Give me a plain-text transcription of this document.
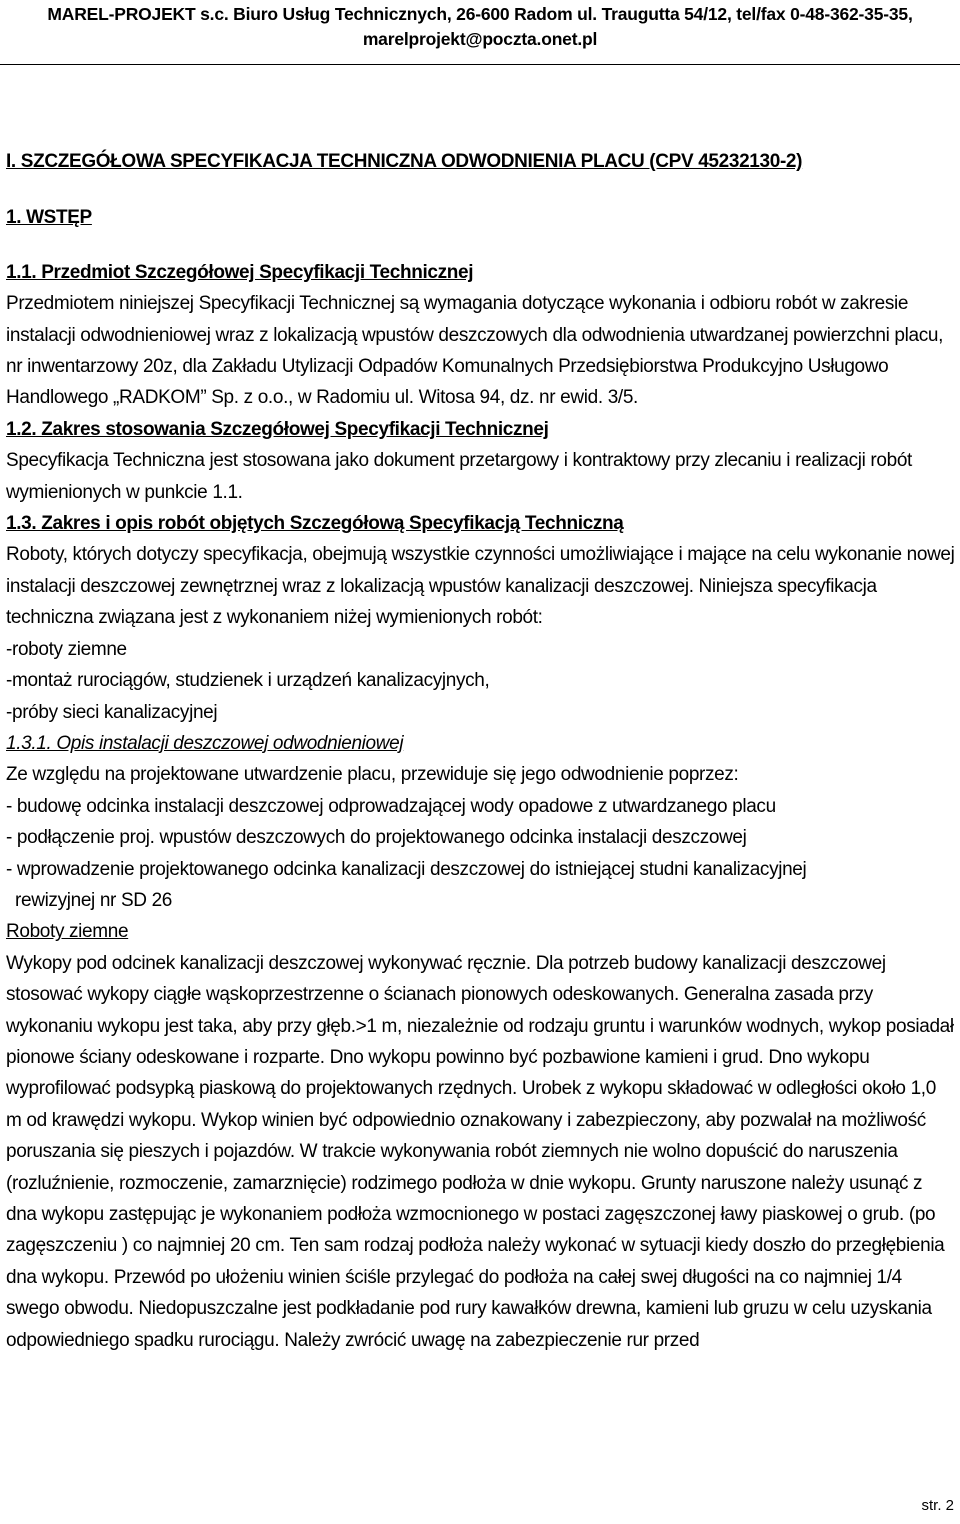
MAREL-PROJEKT s.c. Biuro Usług Technicznych, 26-600 Radom ul. Traugutta 54/12, tel/fax 0-48-362-35-35,
marelprojekt@poczta.onet.pl

I. SZCZEGÓŁOWA SPECYFIKACJA TECHNICZNA ODWODNIENIA PLACU (CPV 45232130-2)

1. WSTĘP

1.1. Przedmiot Szczegółowej Specyfikacji Technicznej

Przedmiotem niniejszej Specyfikacji Technicznej są wymagania dotyczące wykonania i odbioru robót w zakresie instalacji odwodnieniowej wraz z lokalizacją wpustów deszczowych dla odwodnienia utwardzanej powierzchni placu, nr inwentarzowy 20z, dla Zakładu Utylizacji Odpadów Komunalnych Przedsiębiorstwa Produkcyjno Usługowo Handlowego „RADKOM” Sp. z o.o., w Radomiu ul. Witosa 94, dz. nr ewid. 3/5.

1.2. Zakres stosowania Szczegółowej Specyfikacji Technicznej

Specyfikacja Techniczna jest stosowana jako dokument przetargowy i kontraktowy przy zlecaniu i realizacji robót wymienionych w punkcie 1.1.

1.3. Zakres i opis robót objętych Szczegółową Specyfikacją Techniczną

Roboty, których dotyczy specyfikacja, obejmują wszystkie czynności umożliwiające i mające na celu wykonanie nowej instalacji deszczowej zewnętrznej wraz z lokalizacją wpustów kanalizacji deszczowej. Niniejsza specyfikacja techniczna związana jest z wykonaniem niżej wymienionych robót:

-roboty ziemne

-montaż rurociągów, studzienek i urządzeń kanalizacyjnych,

-próby sieci kanalizacyjnej

1.3.1. Opis instalacji deszczowej odwodnieniowej

Ze względu na projektowane utwardzenie placu, przewiduje się jego odwodnienie poprzez:

- budowę odcinka instalacji deszczowej odprowadzającej wody opadowe z utwardzanego placu

- podłączenie proj. wpustów deszczowych do projektowanego odcinka instalacji deszczowej

- wprowadzenie projektowanego odcinka kanalizacji deszczowej do istniejącej studni kanalizacyjnej

rewizyjnej nr SD 26

Roboty ziemne

Wykopy pod odcinek kanalizacji deszczowej wykonywać ręcznie. Dla potrzeb budowy kanalizacji deszczowej stosować wykopy ciągłe wąskoprzestrzenne o ścianach pionowych odeskowanych. Generalna zasada przy wykonaniu wykopu jest taka, aby przy głęb.>1 m, niezależnie od rodzaju gruntu i warunków wodnych, wykop posiadał pionowe ściany odeskowane i rozparte. Dno wykopu powinno być pozbawione kamieni i grud. Dno wykopu wyprofilować podsypką piaskową do projektowanych rzędnych. Urobek z wykopu składować w odległości około 1,0 m od krawędzi wykopu. Wykop winien być odpowiednio oznakowany i zabezpieczony, aby pozwalał na możliwość poruszania się pieszych i pojazdów. W trakcie wykonywania robót ziemnych nie wolno dopuścić do naruszenia (rozluźnienie, rozmoczenie, zamarznięcie) rodzimego podłoża w dnie wykopu. Grunty naruszone należy usunąć z dna wykopu zastępując je wykonaniem podłoża wzmocnionego w postaci zagęszczonej ławy piaskowej o grub. (po zagęszczeniu ) co najmniej 20 cm. Ten sam rodzaj podłoża należy wykonać w sytuacji kiedy doszło do przegłębienia dna wykopu. Przewód po ułożeniu winien ściśle przylegać do podłoża na całej swej długości na co najmniej 1/4 swego obwodu. Niedopuszczalne jest podkładanie pod rury kawałków drewna, kamieni lub gruzu w celu uzyskania odpowiedniego spadku rurociągu. Należy zwrócić uwagę na zabezpieczenie rur przed

str. 2
